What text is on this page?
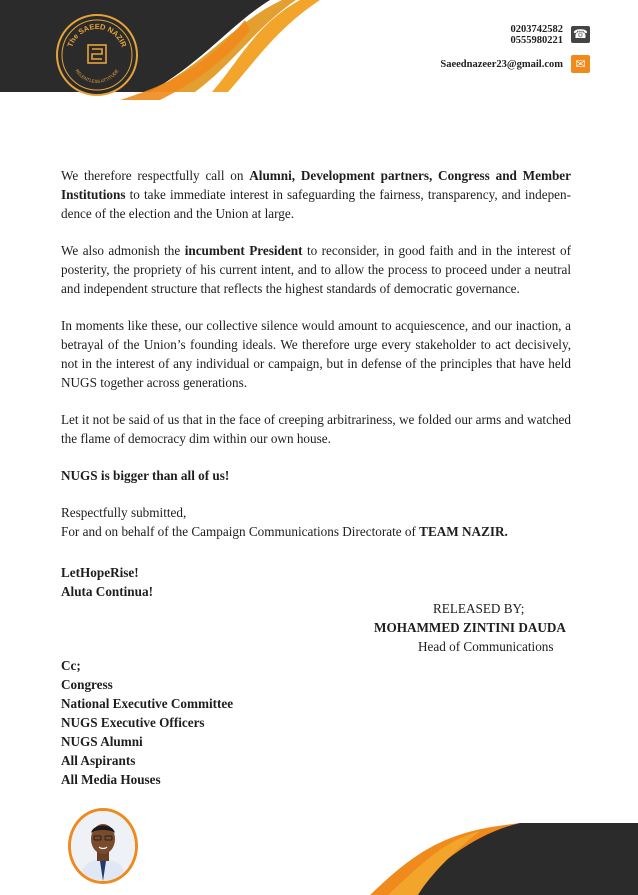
The SAEED NAZIR
RELENTLESS ATTITUDE
0203742582
0555980221 ☎
Saeednazeer23@gmail.com	✉

We therefore respectfully call on Alumni, Development partners, Congress and Member Institutions to take immediate interest in safeguarding the fairness, transparency, and indepen-dence of the election and the Union at large.

We also admonish the incumbent President to reconsider, in good faith and in the interest of posterity, the propriety of his current intent, and to allow the process to proceed under a neutral and independent structure that reflects the highest standards of democratic governance.

In moments like these, our collective silence would amount to acquiescence, and our inaction, a betrayal of the Union’s founding ideals. We therefore urge every stakeholder to act decisively, not in the interest of any individual or campaign, but in defense of the principles that have held NUGS together across generations.

Let it not be said of us that in the face of creeping arbitrariness, we folded our arms and watched the flame of democracy dim within our own house.

NUGS is bigger than all of us!

Respectfully submitted,
For and on behalf of the Campaign Communications Directorate of TEAM NAZIR.

LetHopeRise!
Aluta Continua!
RELEASED BY;
MOHAMMED ZINTINI DAUDA
Head of Communications
Cc;
Congress
National Executive Committee
NUGS Executive Officers
NUGS Alumni
All Aspirants
All Media Houses
